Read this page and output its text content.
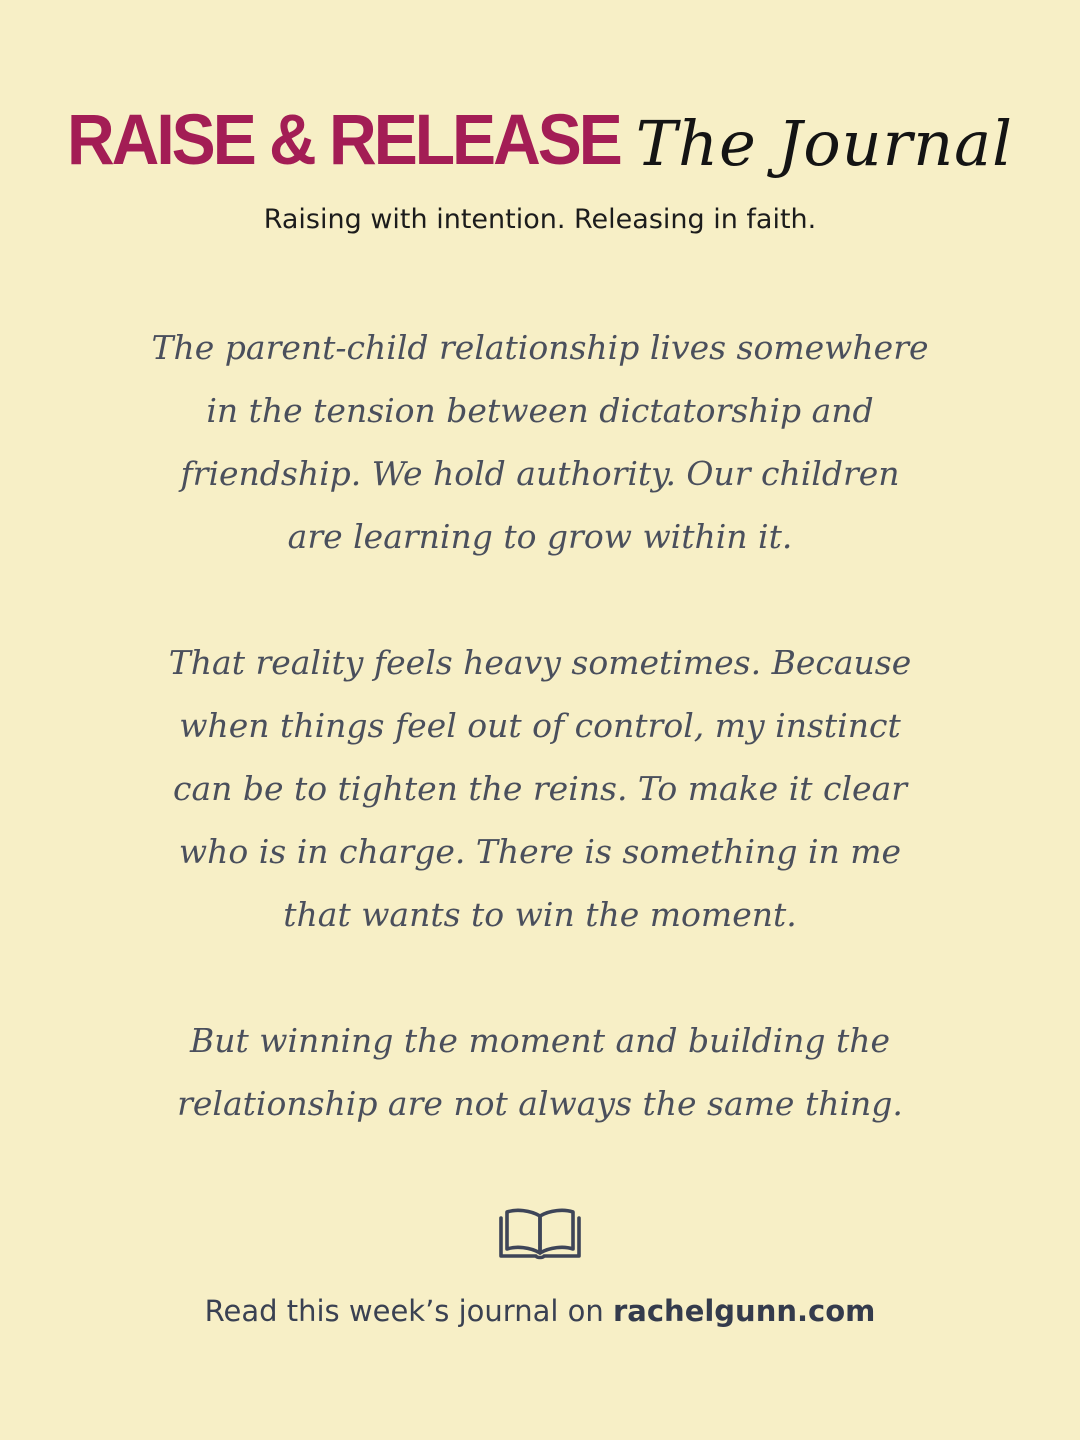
RAISE & RELEASE The Journal
Raising with intention. Releasing in faith.
The parent-child relationship lives somewhere in the tension between dictatorship and friendship. We hold authority. Our children are learning to grow within it.
That reality feels heavy sometimes. Because when things feel out of control, my instinct can be to tighten the reins. To make it clear who is in charge. There is something in me that wants to win the moment.
But winning the moment and building the relationship are not always the same thing.
Read this week’s journal on rachelgunn.com
